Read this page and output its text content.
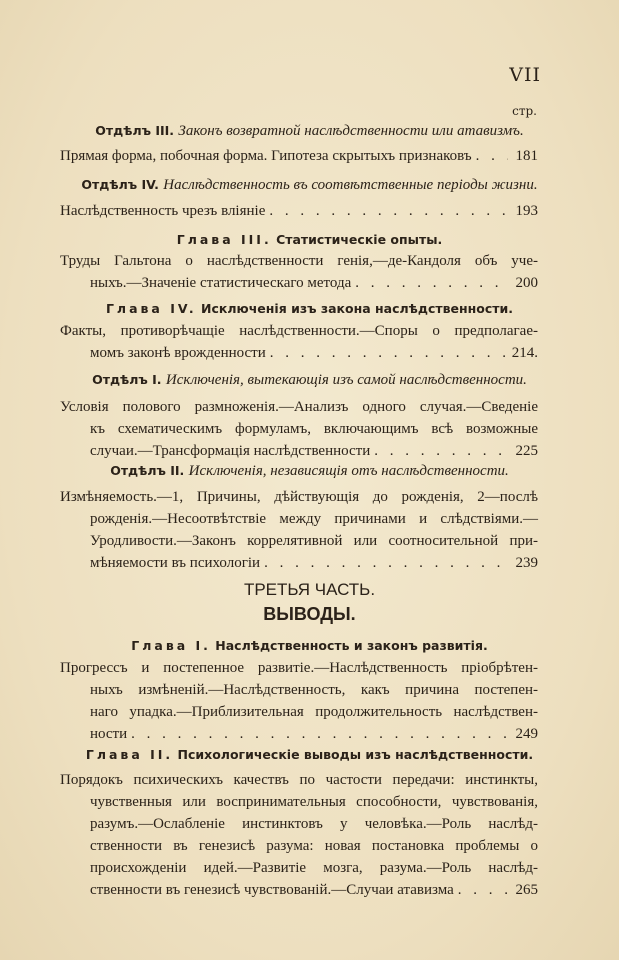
VII
стр.
Отдѣлъ III. Законъ возвратной наслѣдственности или атавизмъ.
Прямая форма, побочная форма. Гипотеза скрытыхъ признаковъ . . .	181
Отдѣлъ IV. Наслѣдственность въ соотвѣтственные періоды жизни.
Наслѣдственность чрезъ вліяніе . . .	193
Глава III. Статистическіе опыты.
Труды Гальтона о наслѣдственности генія,—де-Кандоля объ уче-
ныхъ.—Значеніе статистическаго метода . . .	200
Глава IV. Исключенія изъ закона наслѣдственности.
Факты, противорѣчащіе наслѣдственности.—Споры о предполагае-
момъ законѣ врожденности . . .	214.
Отдѣлъ I. Исключенія, вытекающія изъ самой наслѣдственности.
Условія полового размноженія.—Анализъ одного случая.—Сведеніе
къ схематическимъ формуламъ, включающимъ всѣ возможные
случаи.—Трансформація наслѣдственности . . .	225
Отдѣлъ II. Исключенія, независящія отъ наслѣдственности.
Измѣняемость.—1, Причины, дѣйствующія до рожденія, 2—послѣ
рожденія.—Несоотвѣтствіе между причинами и слѣдствіями.—
Уродливости.—Законъ коррелятивной или соотносительной при-
мѣняемости въ психологіи . . .	239
ТРЕТЬЯ ЧАСТЬ.
ВЫВОДЫ.
Глава I. Наслѣдственность и законъ развитія.
Прогрессъ и постепенное развитіе.—Наслѣдственность пріобрѣтен-
ныхъ измѣненій.—Наслѣдственность, какъ причина постепен-
наго упадка.—Приблизительная продолжительность наслѣдствен-
ности . . .	249
Глава II. Психологическіе выводы изъ наслѣдственности.
Порядокъ психическихъ качествъ по частости передачи: инстинкты,
чувственныя или воспринимательныя способности, чувствованія,
разумъ.—Ослабленіе инстинктовъ у человѣка.—Роль наслѣд-
ственности въ генезисѣ разума: новая постановка проблемы о
происхожденіи идей.—Развитіе мозга, разума.—Роль наслѣд-
ственности въ генезисѣ чувствованій.—Случаи атавизма . . .	265
